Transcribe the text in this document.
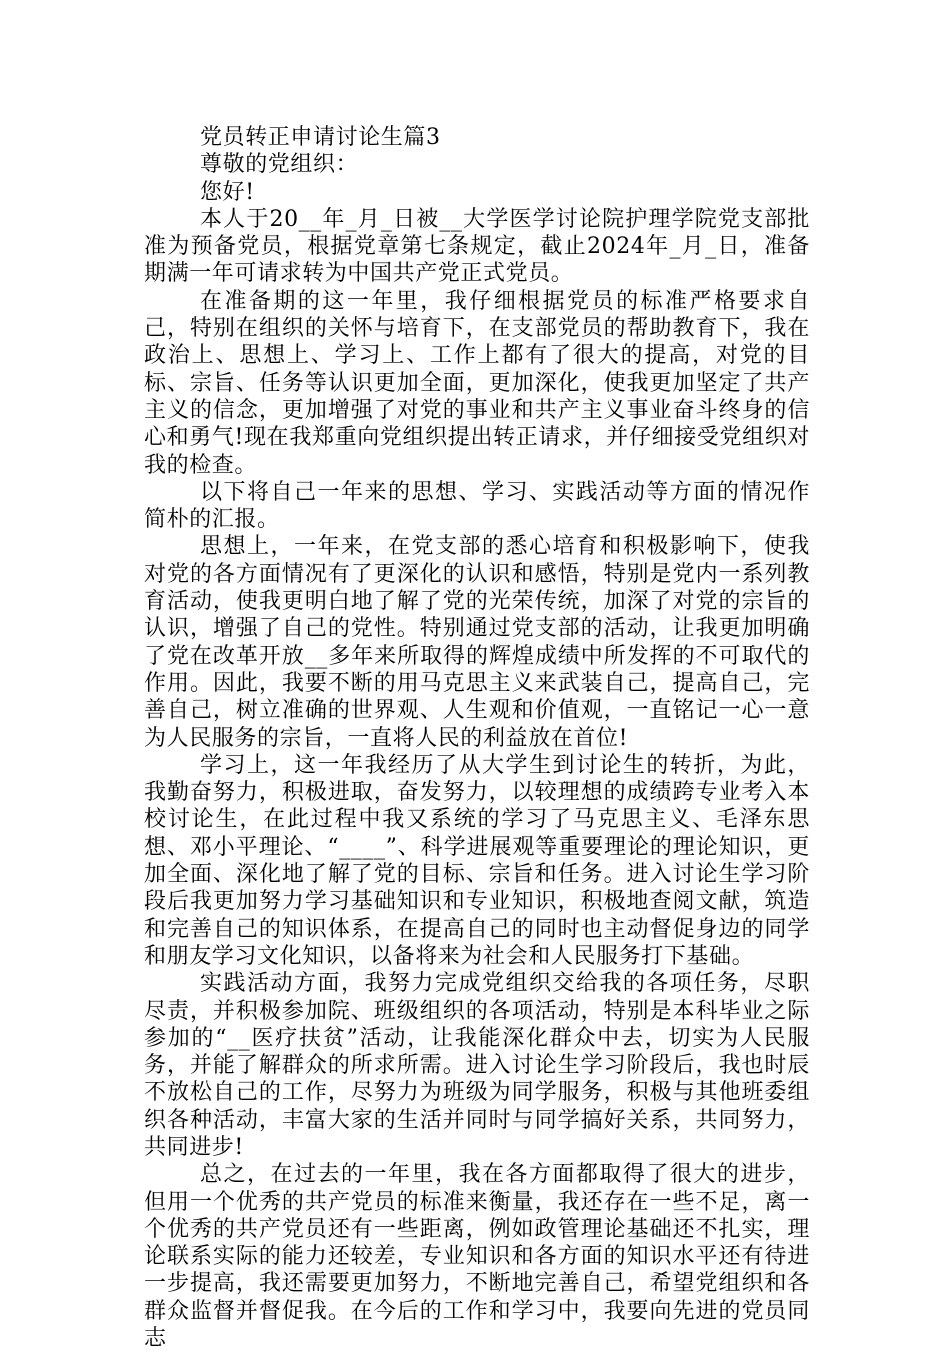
党员转正申请讨论生篇3
尊敬的党组织：
您好!

本人于20__年_月_日被__大学医学讨论院护理学院党支部批准为预备党员，根据党章第七条规定，截止2024年_月_日，准备期满一年可请求转为中国共产党正式党员。

在准备期的这一年里，我仔细根据党员的标准严格要求自己，特别在组织的关怀与培育下，在支部党员的帮助教育下，我在政治上、思想上、学习上、工作上都有了很大的提高，对党的目标、宗旨、任务等认识更加全面，更加深化，使我更加坚定了共产主义的信念，更加增强了对党的事业和共产主义事业奋斗终身的信心和勇气!现在我郑重向党组织提出转正请求，并仔细接受党组织对我的检查。

以下将自己一年来的思想、学习、实践活动等方面的情况作简朴的汇报。

思想上，一年来，在党支部的悉心培育和积极影响下，使我对党的各方面情况有了更深化的认识和感悟，特别是党内一系列教育活动，使我更明白地了解了党的光荣传统，加深了对党的宗旨的认识，增强了自己的党性。特别通过党支部的活动，让我更加明确了党在改革开放__多年来所取得的辉煌成绩中所发挥的不可取代的作用。因此，我要不断的用马克思主义来武装自己，提高自己，完善自己，树立准确的世界观、人生观和价值观，一直铭记一心一意为人民服务的宗旨，一直将人民的利益放在首位!

学习上，这一年我经历了从大学生到讨论生的转折，为此，我勤奋努力，积极进取，奋发努力，以较理想的成绩跨专业考入本校讨论生，在此过程中我又系统的学习了马克思主义、毛泽东思想、邓小平理论、“____”、科学进展观等重要理论的理论知识，更加全面、深化地了解了党的目标、宗旨和任务。进入讨论生学习阶段后我更加努力学习基础知识和专业知识，积极地查阅文献，筑造和完善自己的知识体系，在提高自己的同时也主动督促身边的同学和朋友学习文化知识，以备将来为社会和人民服务打下基础。

实践活动方面，我努力完成党组织交给我的各项任务，尽职尽责，并积极参加院、班级组织的各项活动，特别是本科毕业之际参加的“__医疗扶贫”活动，让我能深化群众中去，切实为人民服务，并能了解群众的所求所需。进入讨论生学习阶段后，我也时辰不放松自己的工作，尽努力为班级为同学服务，积极与其他班委组织各种活动，丰富大家的生活并同时与同学搞好关系，共同努力，共同进步!

总之，在过去的一年里，我在各方面都取得了很大的进步，但用一个优秀的共产党员的标准来衡量，我还存在一些不足，离一个优秀的共产党员还有一些距离，例如政管理论基础还不扎实，理论联系实际的能力还较差，专业知识和各方面的知识水平还有待进一步提高，我还需要更加努力，不断地完善自己，希望党组织和各群众监督并督促我。在今后的工作和学习中，我要向先进的党员同志
